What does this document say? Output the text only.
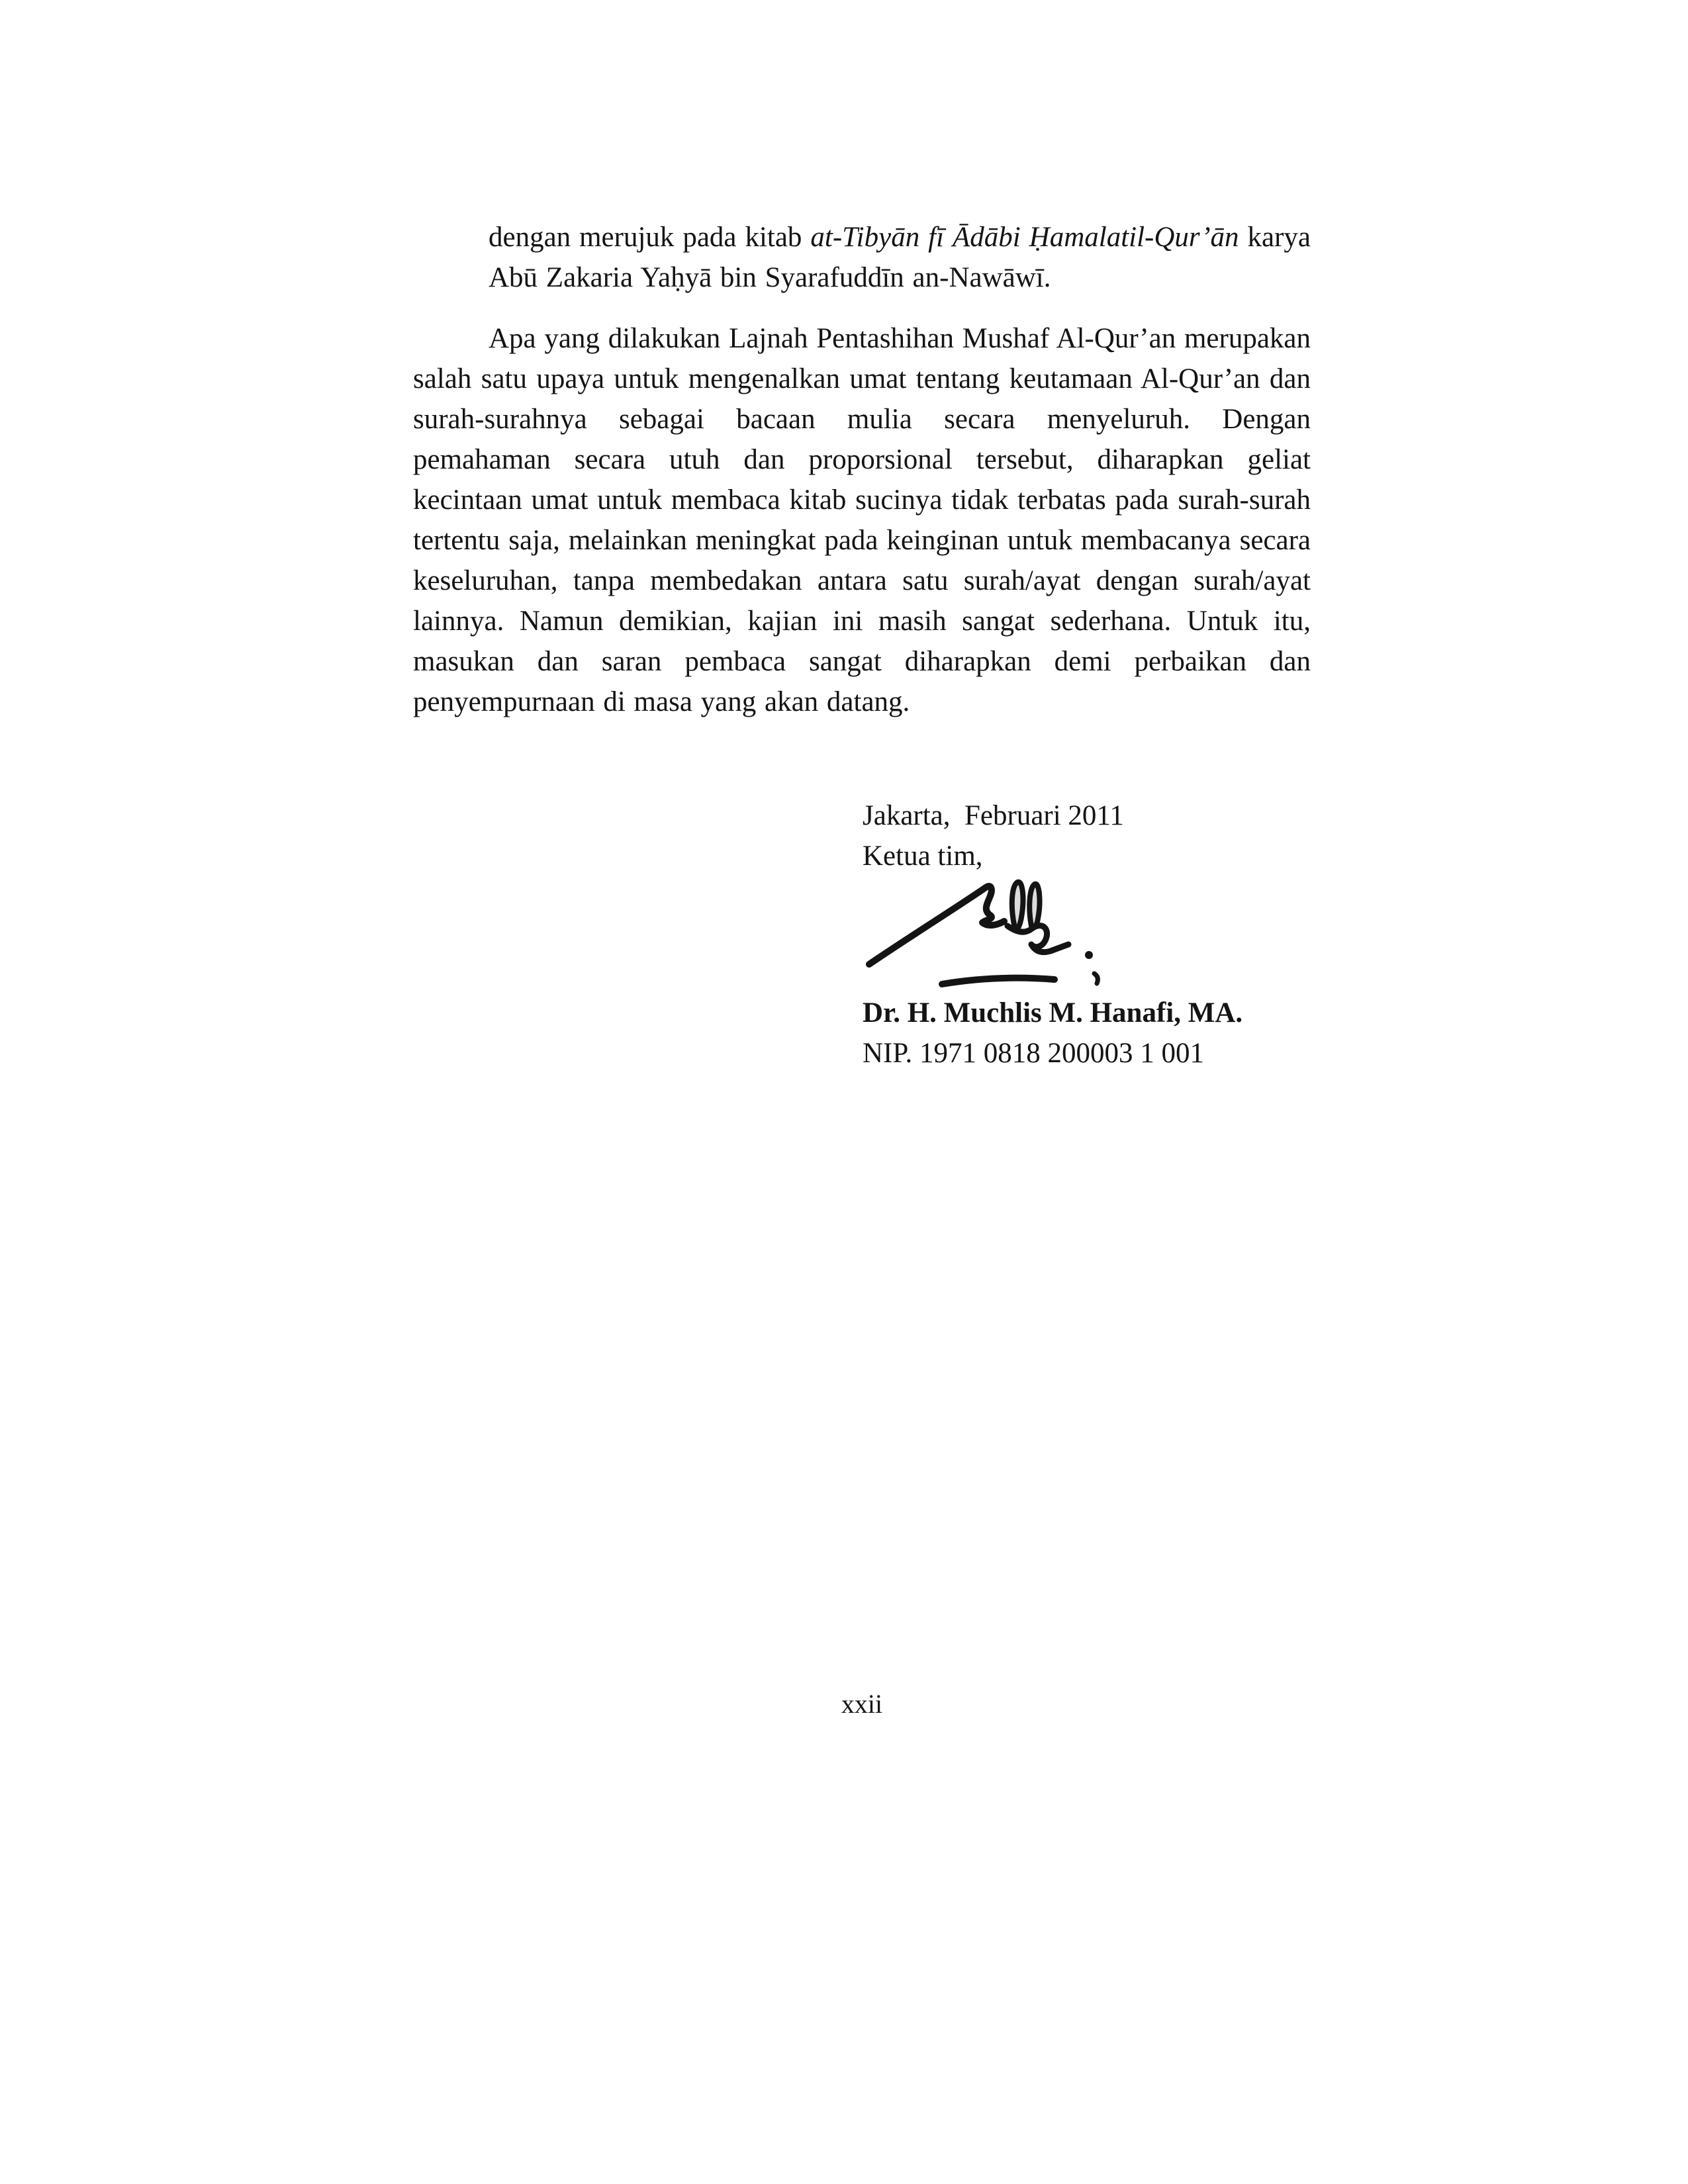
dengan merujuk pada kitab at-Tibyān fī Ādābi Ḥamalatil-Qur’ān karya Abū Zakaria Yaḥyā bin Syarafuddīn an-Nawāwī.

Apa yang dilakukan Lajnah Pentashihan Mushaf Al-Qur’an merupakan salah satu upaya untuk mengenalkan umat tentang keutamaan Al-Qur’an dan surah-surahnya sebagai bacaan mulia secara menyeluruh. Dengan pemahaman secara utuh dan proporsional tersebut, diharapkan geliat kecintaan umat untuk membaca kitab sucinya tidak terbatas pada surah-surah tertentu saja, melainkan meningkat pada keinginan untuk membacanya secara keseluruhan, tanpa membedakan antara satu surah/ayat dengan surah/ayat lainnya. Namun demikian, kajian ini masih sangat sederhana. Untuk itu, masukan dan saran pembaca sangat diharapkan demi perbaikan dan penyempurnaan di masa yang akan datang.

Jakarta,  Februari 2011
Ketua tim,
Dr. H. Muchlis M. Hanafi, MA.
NIP. 1971 0818 200003 1 001
xxii
